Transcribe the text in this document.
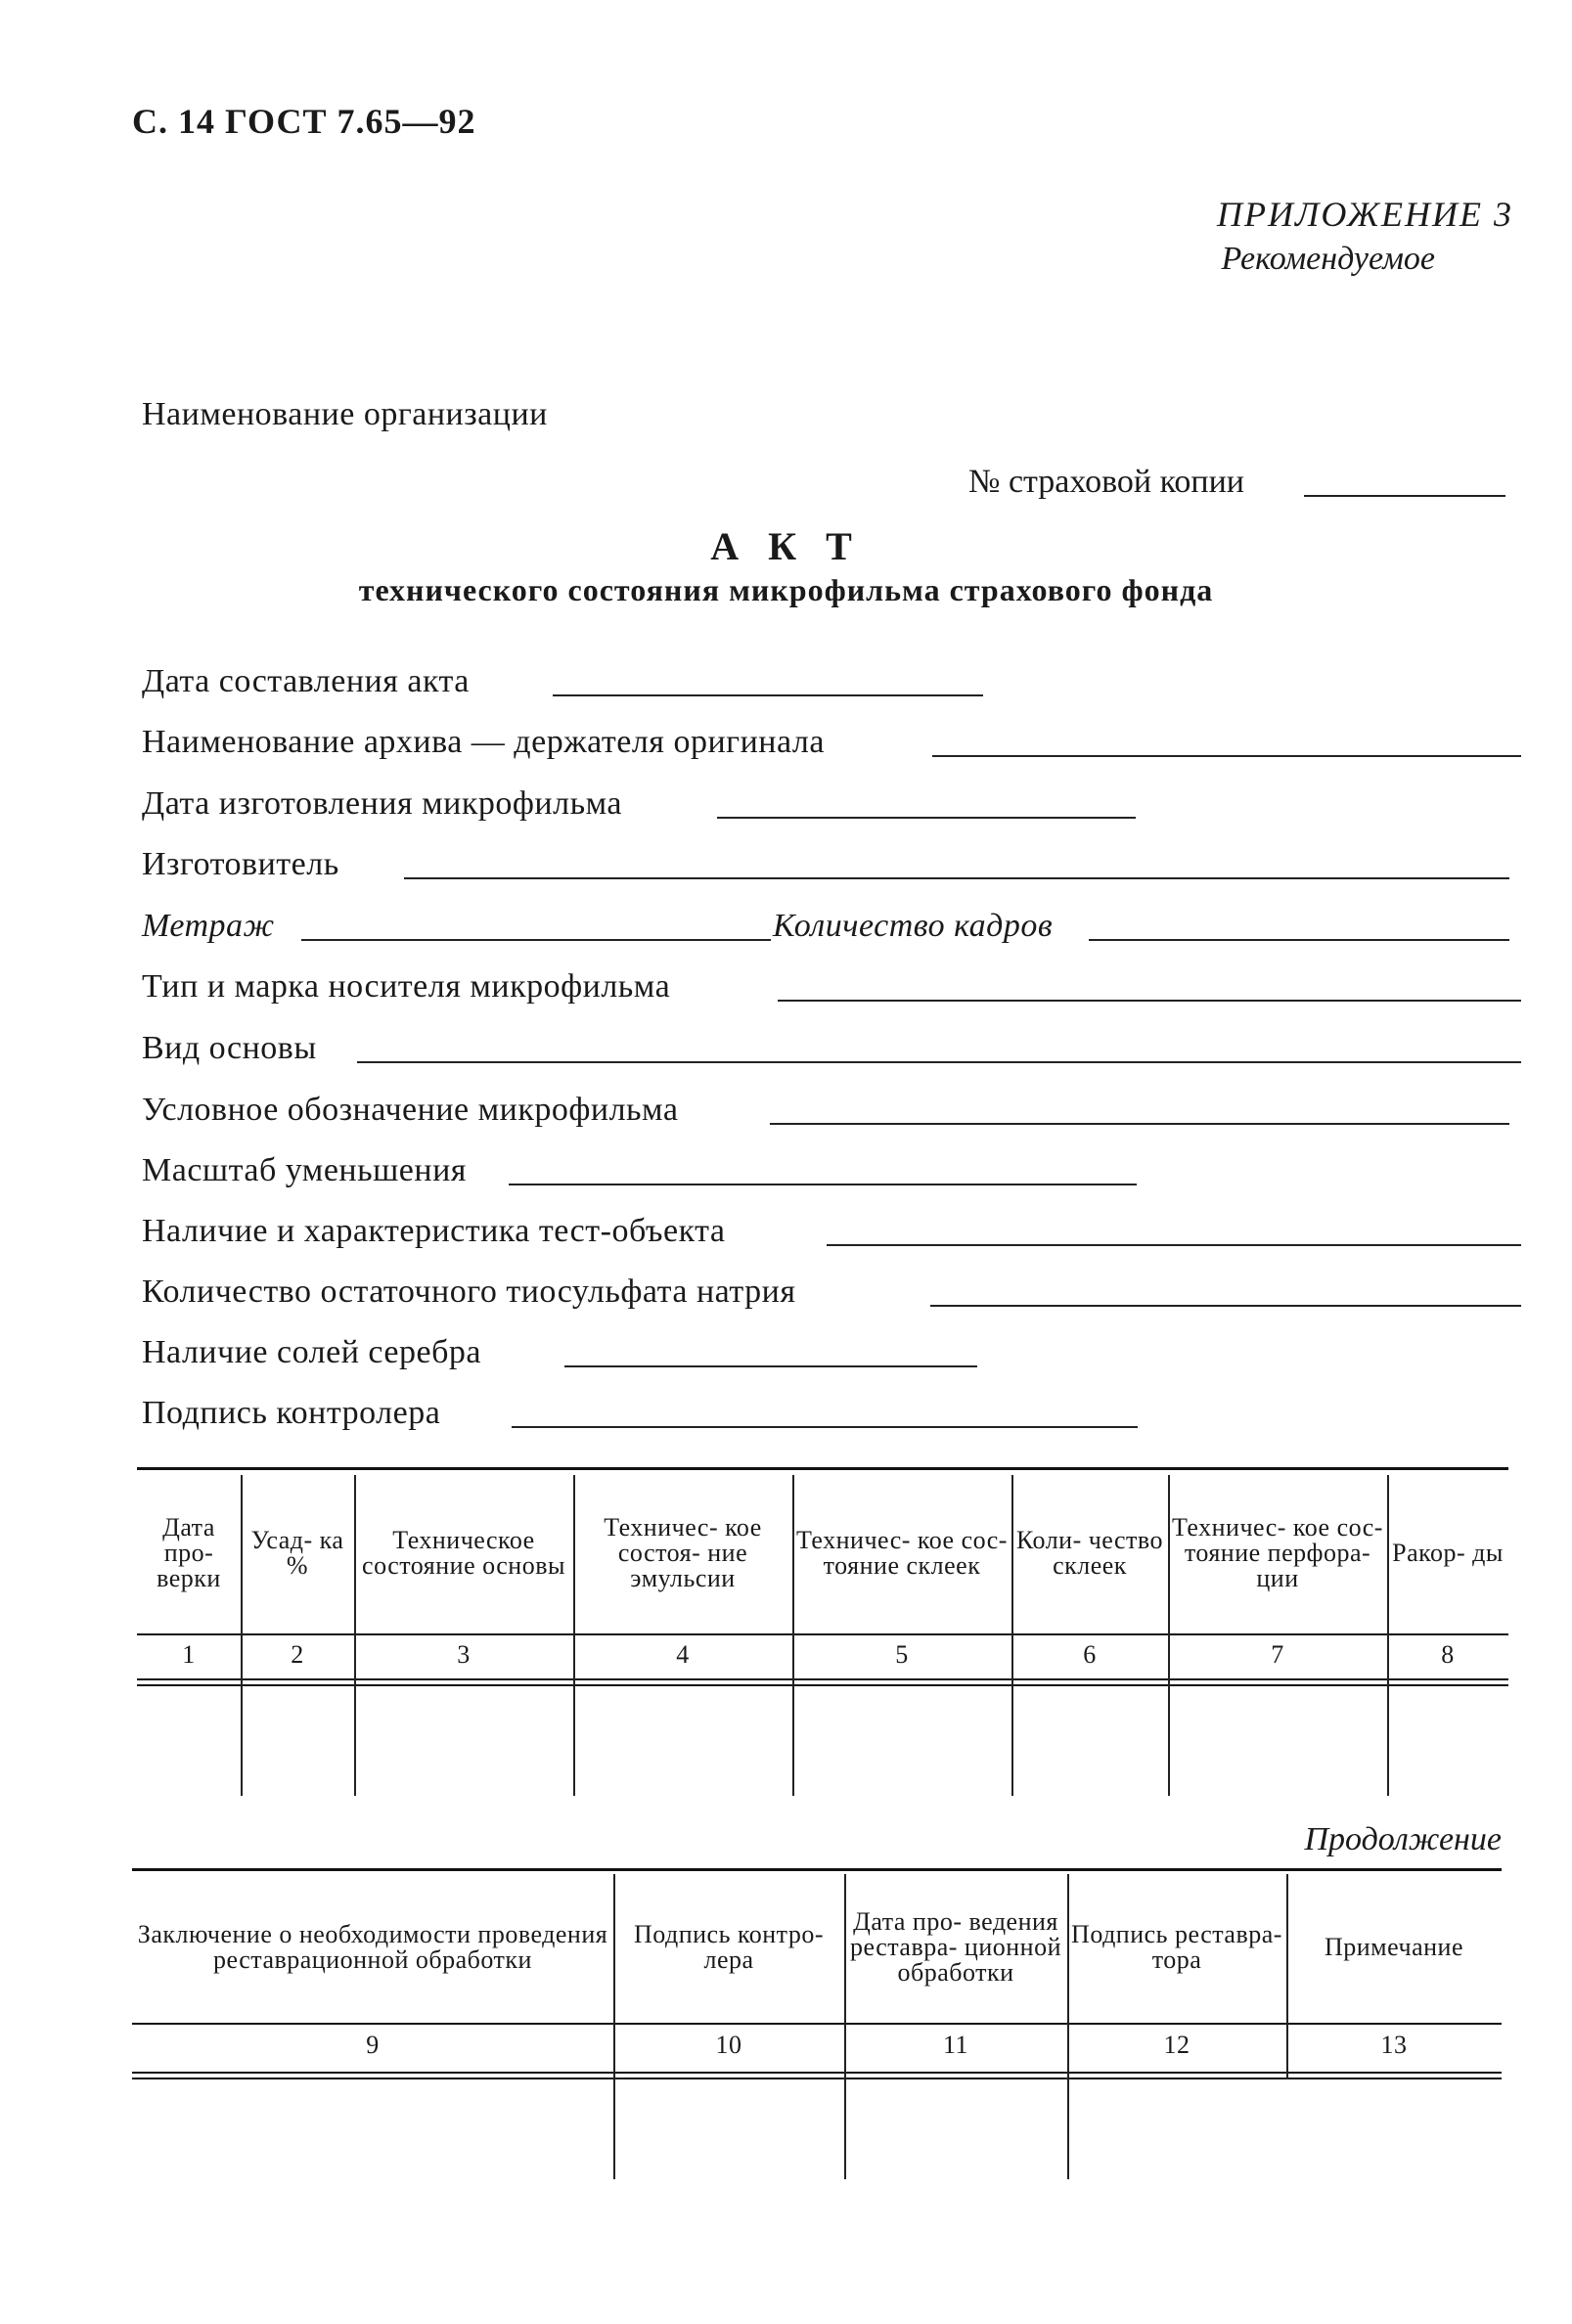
С. 14 ГОСТ 7.65—92
ПРИЛОЖЕНИЕ 3
Рекомендуемое
Наименование организации
№ страховой копии
А К Т
технического состояния микрофильма страхового фонда
Дата составления акта
Наименование архива — держателя оригинала
Дата изготовления микрофильма
Изготовитель
Метраж	Количество кадров
Тип и марка носителя микрофильма
Вид основы
Условное обозначение микрофильма
Масштаб уменьшения
Наличие и характеристика тест-объекта
Количество остаточного тиосульфата натрия
Наличие солей серебра
Подпись контролера
Дата про- верки	Усад- ка %	Техническое состояние основы	Техничес- кое состоя- ние эмульсии	Техничес- кое сос- тояние склеек	Коли- чество склеек	Техничес- кое сос- тояние перфора- ции	Ракор- ды
1	2	3	4	5	6	7	8
Продолжение
Заключение о необходимости проведения реставрационной обработки	Подпись контро- лера	Дата про- ведения реставра- ционной обработки	Подпись реставра- тора	Примечание
9	10	11	12	13
